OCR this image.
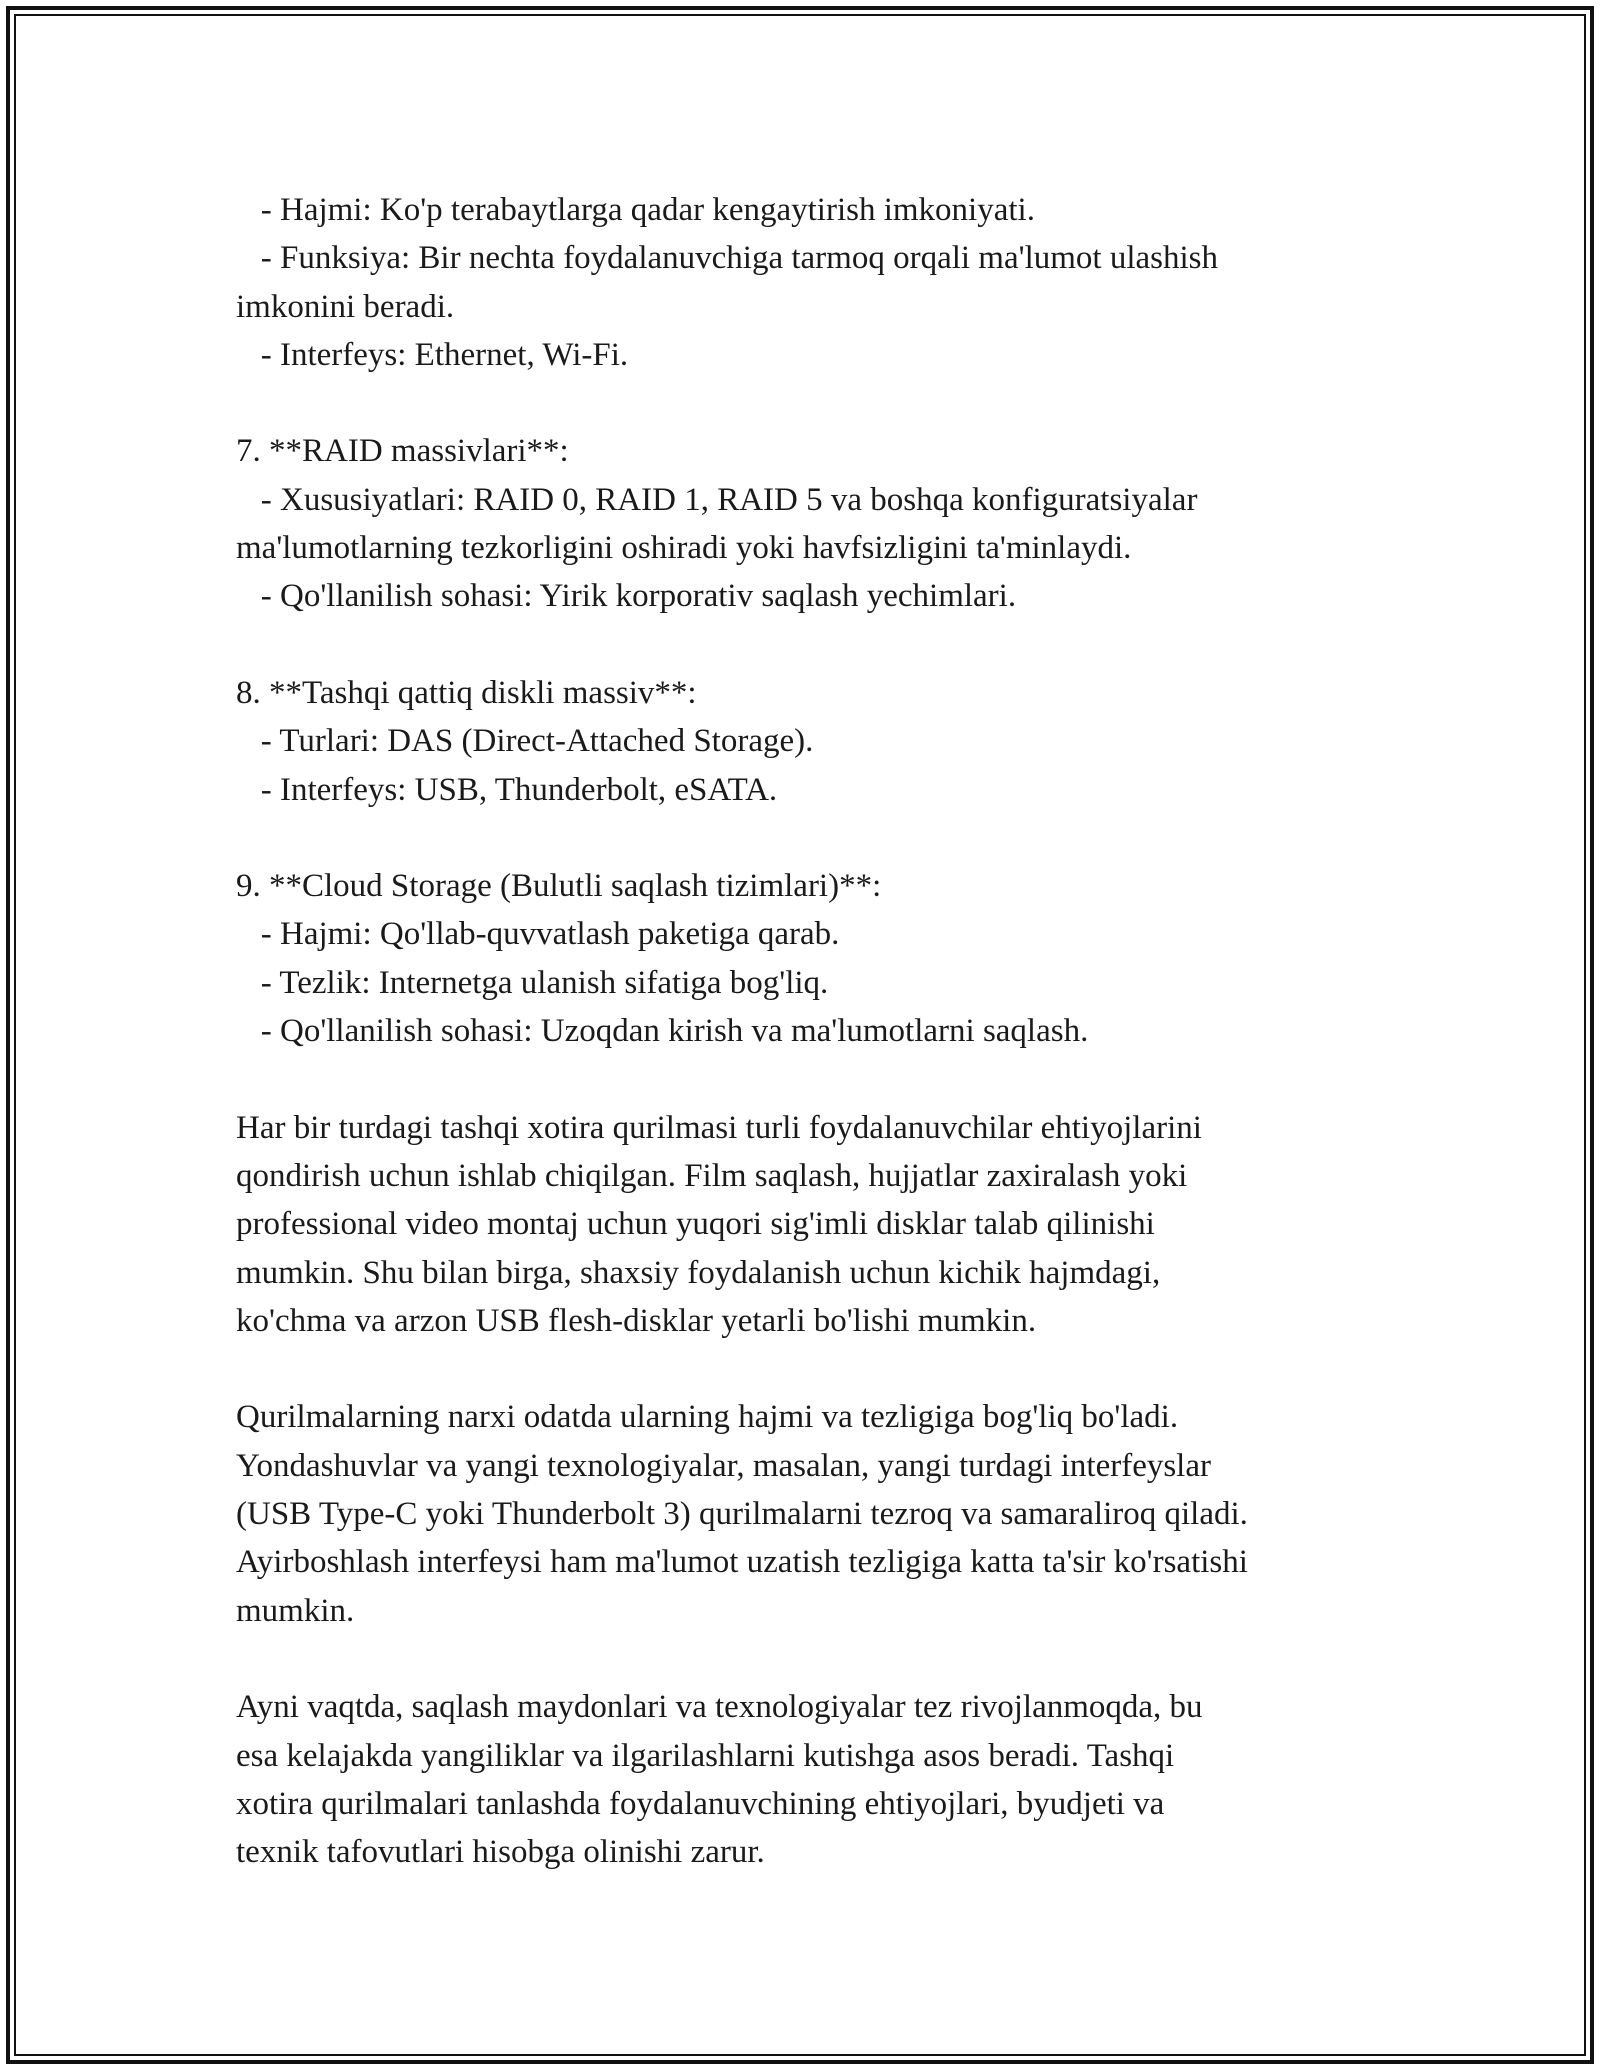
- Hajmi: Ko'p terabaytlarga qadar kengaytirish imkoniyati.
- Funksiya: Bir nechta foydalanuvchiga tarmoq orqali ma'lumot ulashish
imkonini beradi.
- Interfeys: Ethernet, Wi-Fi.
7. **RAID massivlari**:
- Xususiyatlari: RAID 0, RAID 1, RAID 5 va boshqa konfiguratsiyalar
ma'lumotlarning tezkorligini oshiradi yoki havfsizligini ta'minlaydi.
- Qo'llanilish sohasi: Yirik korporativ saqlash yechimlari.
8. **Tashqi qattiq diskli massiv**:
- Turlari: DAS (Direct-Attached Storage).
- Interfeys: USB, Thunderbolt, eSATA.
9. **Cloud Storage (Bulutli saqlash tizimlari)**:
- Hajmi: Qo'llab-quvvatlash paketiga qarab.
- Tezlik: Internetga ulanish sifatiga bog'liq.
- Qo'llanilish sohasi: Uzoqdan kirish va ma'lumotlarni saqlash.
Har bir turdagi tashqi xotira qurilmasi turli foydalanuvchilar ehtiyojlarini
qondirish uchun ishlab chiqilgan. Film saqlash, hujjatlar zaxiralash yoki
professional video montaj uchun yuqori sig'imli disklar talab qilinishi
mumkin. Shu bilan birga, shaxsiy foydalanish uchun kichik hajmdagi,
ko'chma va arzon USB flesh-disklar yetarli bo'lishi mumkin.
Qurilmalarning narxi odatda ularning hajmi va tezligiga bog'liq bo'ladi.
Yondashuvlar va yangi texnologiyalar, masalan, yangi turdagi interfeyslar
(USB Type-C yoki Thunderbolt 3) qurilmalarni tezroq va samaraliroq qiladi.
Ayirboshlash interfeysi ham ma'lumot uzatish tezligiga katta ta'sir ko'rsatishi
mumkin.
Ayni vaqtda, saqlash maydonlari va texnologiyalar tez rivojlanmoqda, bu
esa kelajakda yangiliklar va ilgarilashlarni kutishga asos beradi. Tashqi
xotira qurilmalari tanlashda foydalanuvchining ehtiyojlari, byudjeti va
texnik tafovutlari hisobga olinishi zarur.
